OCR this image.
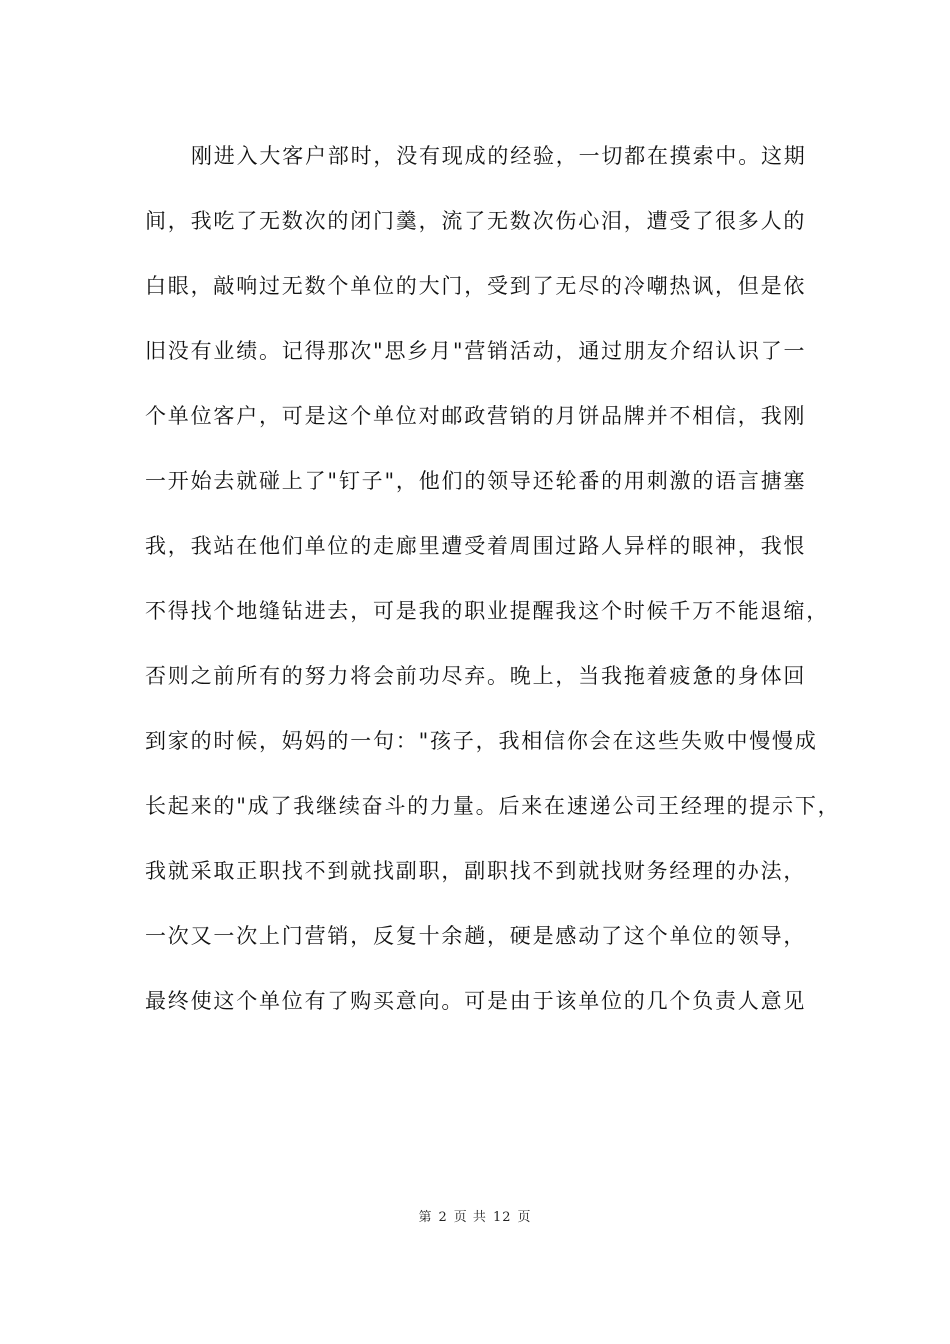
刚进入大客户部时，没有现成的经验，一切都在摸索中。这期
间，我吃了无数次的闭门羹，流了无数次伤心泪，遭受了很多人的
白眼，敲响过无数个单位的大门，受到了无尽的冷嘲热讽，但是依
旧没有业绩。记得那次"思乡月"营销活动，通过朋友介绍认识了一
个单位客户，可是这个单位对邮政营销的月饼品牌并不相信，我刚
一开始去就碰上了"钉子"，他们的领导还轮番的用刺激的语言搪塞
我，我站在他们单位的走廊里遭受着周围过路人异样的眼神，我恨
不得找个地缝钻进去，可是我的职业提醒我这个时候千万不能退缩，
否则之前所有的努力将会前功尽弃。晚上，当我拖着疲惫的身体回
到家的时候，妈妈的一句："孩子，我相信你会在这些失败中慢慢成
长起来的"成了我继续奋斗的力量。后来在速递公司王经理的提示下，
我就采取正职找不到就找副职，副职找不到就找财务经理的办法，
一次又一次上门营销，反复十余趟，硬是感动了这个单位的领导，
最终使这个单位有了购买意向。可是由于该单位的几个负责人意见
第 2 页 共 12 页
